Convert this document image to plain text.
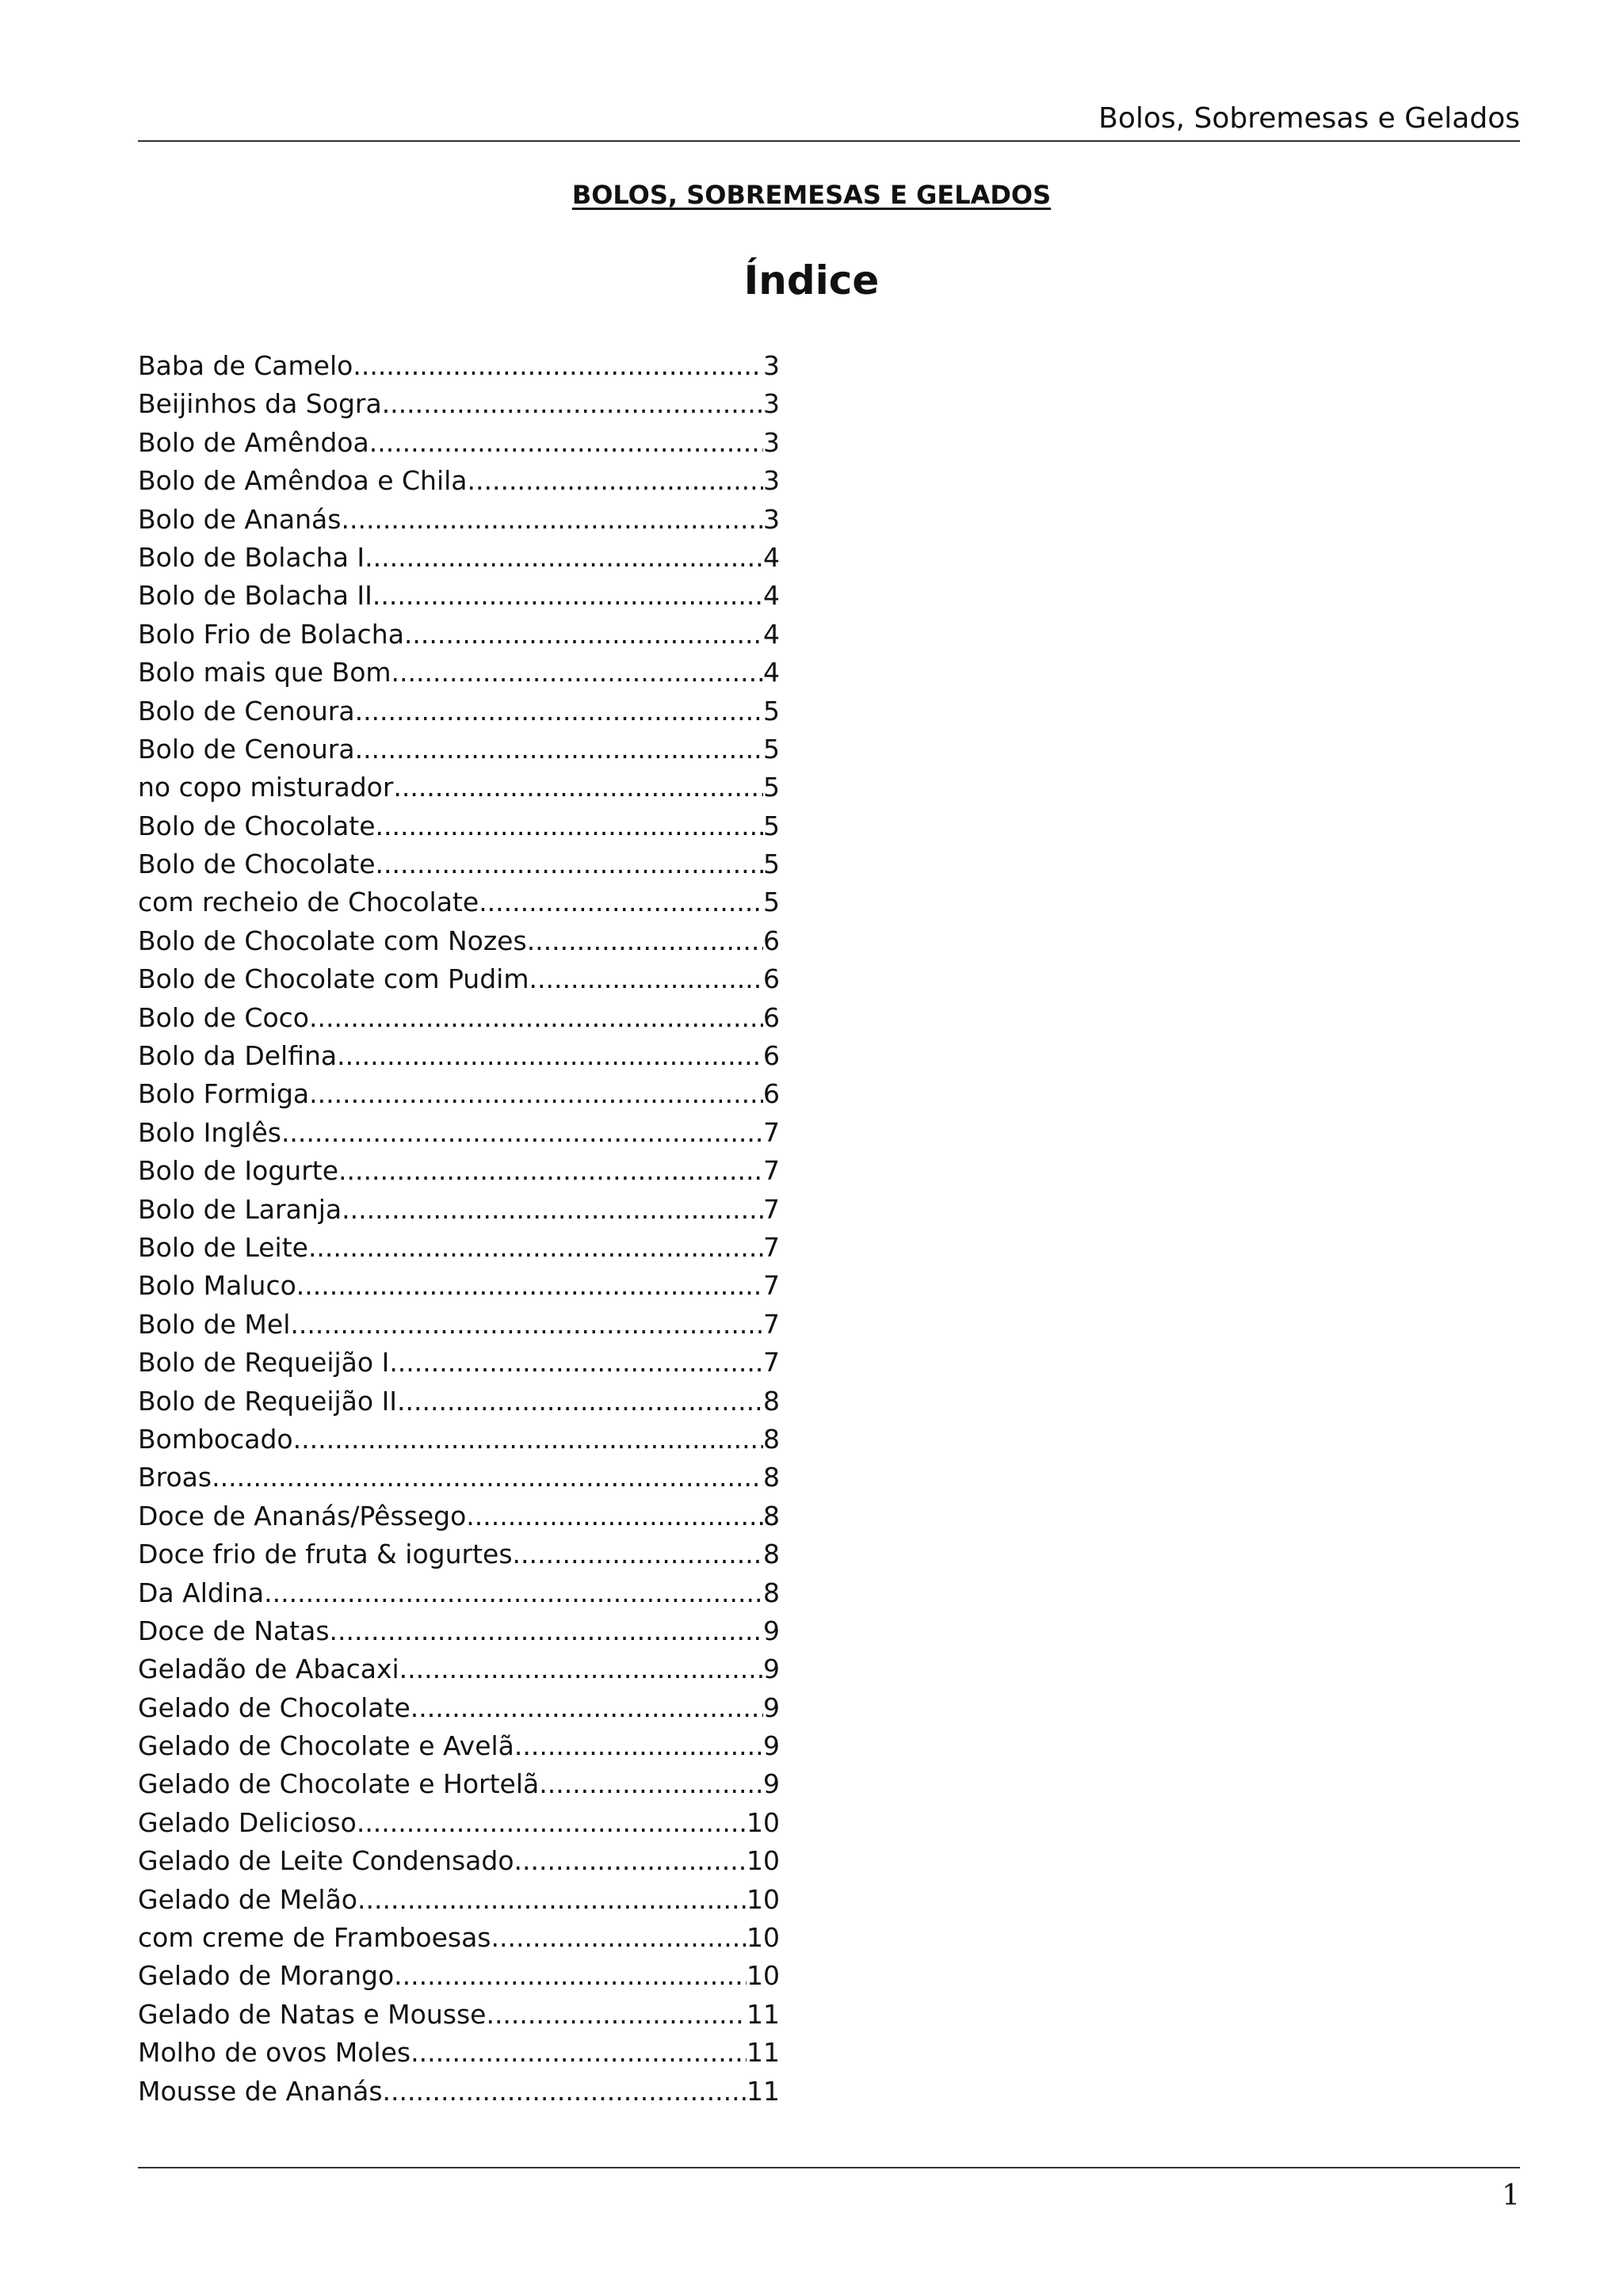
Bolos, Sobremesas e Gelados
BOLOS, SOBREMESAS E GELADOS
Índice
Baba de Camelo .....	3
Beijinhos da Sogra .....	3
Bolo de Amêndoa .....	3
Bolo de Amêndoa e Chila .....	3
Bolo de Ananás .....	3
Bolo de Bolacha I .....	4
Bolo de Bolacha II .....	4
Bolo Frio de Bolacha .....	4
Bolo mais que Bom .....	4
Bolo de Cenoura .....	5
Bolo de Cenoura .....	5
no copo misturador .....	5
Bolo de Chocolate .....	5
Bolo de Chocolate .....	5
com recheio de Chocolate .....	5
Bolo de Chocolate com Nozes .....	6
Bolo de Chocolate com Pudim .....	6
Bolo de Coco .....	6
Bolo da Delfina .....	6
Bolo Formiga .....	6
Bolo Inglês .....	7
Bolo de Iogurte .....	7
Bolo de Laranja .....	7
Bolo de Leite .....	7
Bolo Maluco .....	7
Bolo de Mel .....	7
Bolo de Requeijão I .....	7
Bolo de Requeijão II .....	8
Bombocado .....	8
Broas .....	8
Doce de Ananás/Pêssego .....	8
Doce frio de fruta & iogurtes .....	8
Da Aldina .....	8
Doce de Natas .....	9
Geladão de Abacaxi .....	9
Gelado de Chocolate .....	9
Gelado de Chocolate e Avelã .....	9
Gelado de Chocolate e Hortelã .....	9
Gelado Delicioso .....	10
Gelado de Leite Condensado .....	10
Gelado de Melão .....	10
com creme de Framboesas .....	10
Gelado de Morango .....	10
Gelado de Natas e Mousse .....	11
Molho de ovos Moles .....	11
Mousse de Ananás .....	11
1
